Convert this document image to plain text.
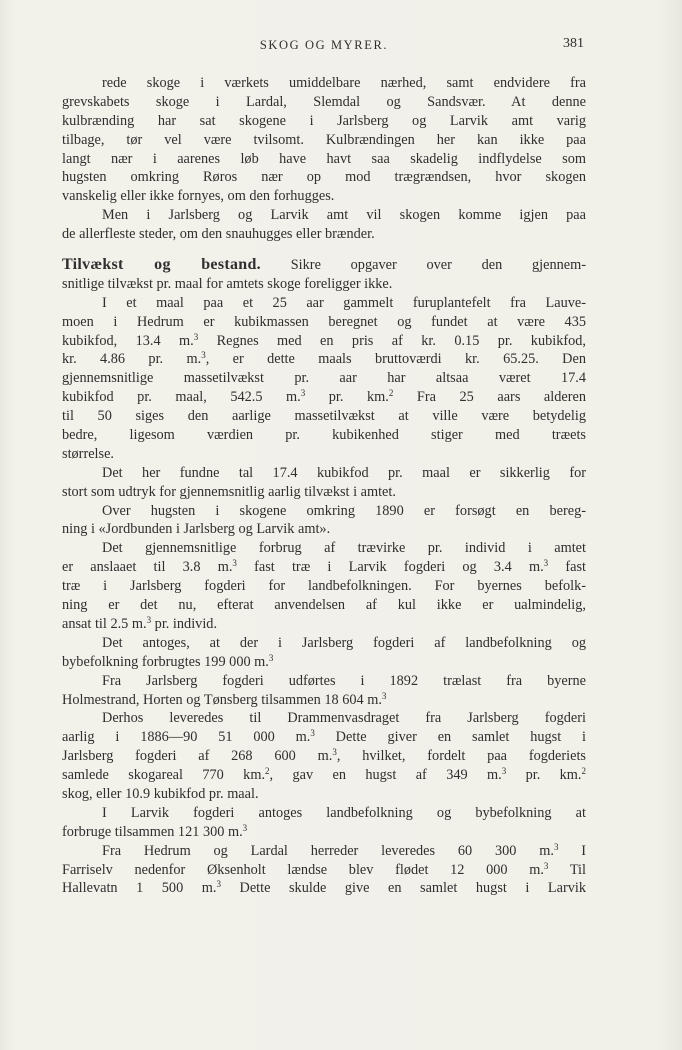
SKOG OG MYRER.	381
rede skoge i værkets umiddelbare nærhed, samt endvidere fra
grevskabets skoge i Lardal, Slemdal og Sandsvær. At denne
kulbrænding har sat skogene i Jarlsberg og Larvik amt varig
tilbage, tør vel være tvilsomt. Kulbrændingen her kan ikke paa
langt nær i aarenes løb have havt saa skadelig indflydelse som
hugsten omkring Røros nær op mod trægrændsen, hvor skogen
vanskelig eller ikke fornyes, om den forhugges.
Men i Jarlsberg og Larvik amt vil skogen komme igjen paa
de allerfleste steder, om den snauhugges eller brænder.
Tilvækst og bestand. Sikre opgaver over den gjennem-
snitlige tilvækst pr. maal for amtets skoge foreligger ikke.
I et maal paa et 25 aar gammelt furuplantefelt fra Lauve-
moen i Hedrum er kubikmassen beregnet og fundet at være 435
kubikfod, 13.4 m.$^3$ Regnes med en pris af kr. 0.15 pr. kubikfod,
kr. 4.86 pr. m.$^3$, er dette maals bruttoværdi kr. 65.25. Den
gjennemsnitlige massetilvækst pr. aar har altsaa været 17.4
kubikfod pr. maal, 542.5 m.$^3$ pr. km.$^2$ Fra 25 aars alderen
til 50 siges den aarlige massetilvækst at ville være betydelig
bedre, ligesom værdien pr. kubikenhed stiger med træets
størrelse.
Det her fundne tal 17.4 kubikfod pr. maal er sikkerlig for
stort som udtryk for gjennemsnitlig aarlig tilvækst i amtet.
Over hugsten i skogene omkring 1890 er forsøgt en bereg-
ning i «Jordbunden i Jarlsberg og Larvik amt».
Det gjennemsnitlige forbrug af trævirke pr. individ i amtet
er anslaaet til 3.8 m.$^3$ fast træ i Larvik fogderi og 3.4 m.$^3$ fast
træ i Jarlsberg fogderi for landbefolkningen. For byernes befolk-
ning er det nu, efterat anvendelsen af kul ikke er ualmindelig,
ansat til 2.5 m.$^3$ pr. individ.
Det antoges, at der i Jarlsberg fogderi af landbefolkning og
bybefolkning forbrugtes 199 000 m.$^3$
Fra Jarlsberg fogderi udførtes i 1892 trælast fra byerne
Holmestrand, Horten og Tønsberg tilsammen 18 604 m.$^3$
Derhos leveredes til Drammenvasdraget fra Jarlsberg fogderi
aarlig i 1886—90 51 000 m.$^3$ Dette giver en samlet hugst i
Jarlsberg fogderi af 268 600 m.$^3$, hvilket, fordelt paa fogderiets
samlede skogareal 770 km.$^2$, gav en hugst af 349 m.$^3$ pr. km.$^2$
skog, eller 10.9 kubikfod pr. maal.
I Larvik fogderi antoges landbefolkning og bybefolkning at
forbruge tilsammen 121 300 m.$^3$
Fra Hedrum og Lardal herreder leveredes 60 300 m.$^3$ I
Farriselv nedenfor Øksenholt lændse blev flødet 12 000 m.$^3$ Til
Hallevatn 1 500 m.$^3$ Dette skulde give en samlet hugst i Larvik
